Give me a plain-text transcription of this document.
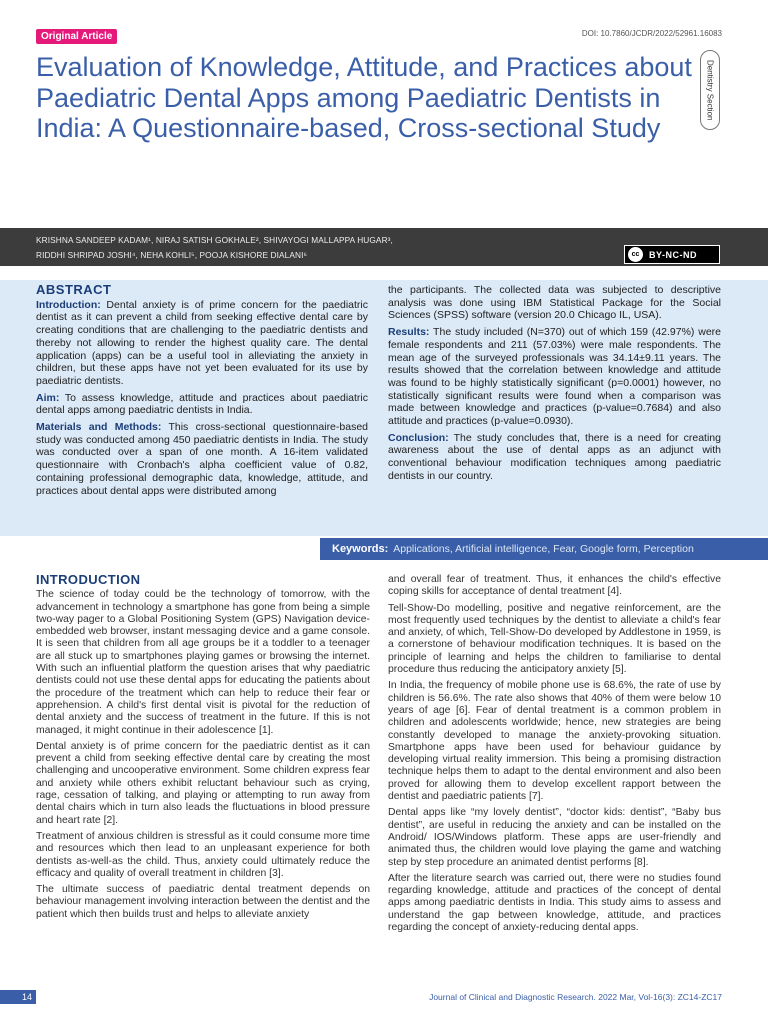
Original Article	DOI: 10.7860/JCDR/2022/52961.16083
Evaluation of Knowledge, Attitude, and Practices about Paediatric Dental Apps among Paediatric Dentists in India: A Questionnaire-based, Cross-sectional Study
Dentistry Section
KRISHNA SANDEEP KADAM¹, NIRAJ SATISH GOKHALE², SHIVAYOGI MALLAPPA HUGAR³,
RIDDHI SHRIPAD JOSHI⁴, NEHA KOHLI⁵, POOJA KISHORE DIALANI⁶	cc	BY-NC-ND
ABSTRACT

Introduction: Dental anxiety is of prime concern for the paediatric dentist as it can prevent a child from seeking effective dental care by creating conditions that are challenging to the paediatric dentists and thereby not allowing to render the highest quality care. The dental application (apps) can be a useful tool in alleviating the anxiety in children, but these apps have not yet been evaluated for its use by paediatric dentists.

Aim: To assess knowledge, attitude and practices about paediatric dental apps among paediatric dentists in India.

Materials and Methods: This cross-sectional questionnaire-based study was conducted among 450 paediatric dentists in India. The study was conducted over a span of one month. A 16-item validated questionnaire with Cronbach's alpha coefficient value of 0.82, containing professional demographic data, knowledge, attitude, and practices about dental apps were distributed among

the participants. The collected data was subjected to descriptive analysis was done using IBM Statistical Package for the Social Sciences (SPSS) software (version 20.0 Chicago IL, USA).

Results: The study included (N=370) out of which 159 (42.97%) were female respondents and 211 (57.03%) were male respondents. The mean age of the surveyed professionals was 34.14±9.11 years. The results showed that the correlation between knowledge and attitude was found to be highly statistically significant (p=0.0001) however, no statistically significant results were found when a comparison was made between knowledge and practices (p-value=0.7684) and also attitude and practices (p-value=0.0930).

Conclusion: The study concludes that, there is a need for creating awareness about the use of dental apps as an adjunct with conventional behaviour modification techniques among paediatric dentists in our country.

Keywords: Applications, Artificial intelligence, Fear, Google form, Perception
INTRODUCTION

The science of today could be the technology of tomorrow, with the advancement in technology a smartphone has gone from being a simple two-way pager to a Global Positioning System (GPS) Navigation device-embedded web browser, instant messaging device and a game console. It is seen that children from all age groups be it a toddler to a teenager are all stuck up to smartphones playing games or browsing the internet. With such an influential platform the question arises that why paediatric dentists could not use these dental apps for educating the patients about the procedure of the treatment which can help to reduce their fear or apprehension. A child's first dental visit is pivotal for the reduction of dental anxiety and the success of treatment in the future. If this is not managed, it might continue in their adolescence [1].

Dental anxiety is of prime concern for the paediatric dentist as it can prevent a child from seeking effective dental care by creating the most challenging and uncooperative environment. Some children express fear and anxiety while others exhibit reluctant behaviour such as crying, rage, cessation of talking, and playing or attempting to run away from dental chairs which in turn also leads the fluctuations in blood pressure and heart rate [2].

Treatment of anxious children is stressful as it could consume more time and resources which then lead to an unpleasant experience for both dentists as-well-as the child. Thus, anxiety could ultimately reduce the efficacy and quality of overall treatment in children [3].

The ultimate success of paediatric dental treatment depends on behaviour management involving interaction between the dentist and the patient which then builds trust and helps to alleviate anxiety

and overall fear of treatment. Thus, it enhances the child's effective coping skills for acceptance of dental treatment [4].

Tell-Show-Do modelling, positive and negative reinforcement, are the most frequently used techniques by the dentist to alleviate a child's fear and anxiety, of which, Tell-Show-Do developed by Addlestone in 1959, is a cornerstone of behaviour modification techniques. It is based on the principle of learning and helps the children to familiarise to dental procedure thus reducing the anticipatory anxiety [5].

In India, the frequency of mobile phone use is 68.6%, the rate of use by children is 56.6%. The rate also shows that 40% of them were below 10 years of age [6]. Fear of dental treatment is a common problem in children and adolescents worldwide; hence, new strategies are being constantly developed to manage the anxiety-provoking situation. Smartphone apps have been used for behaviour guidance by developing virtual reality immersion. This being a promising distraction technique helps them to adapt to the dental environment and also been proved for allowing them to develop excellent rapport between the dentist and paediatric patients [7].

Dental apps like “my lovely dentist”, “doctor kids: dentist”, “Baby bus dentist”, are useful in reducing the anxiety and can be installed on the Android/ IOS/Windows platform. These apps are user-friendly and animated thus, the children would love playing the game and watching step by step procedure an animated dentist performs [8].

After the literature search was carried out, there were no studies found regarding knowledge, attitude and practices of the concept of dental apps among paediatric dentists in India. This study aims to assess and understand the gap between knowledge, attitude, and practices regarding the concept of anxiety-reducing dental apps.

14	Journal of Clinical and Diagnostic Research. 2022 Mar, Vol-16(3): ZC14-ZC17
